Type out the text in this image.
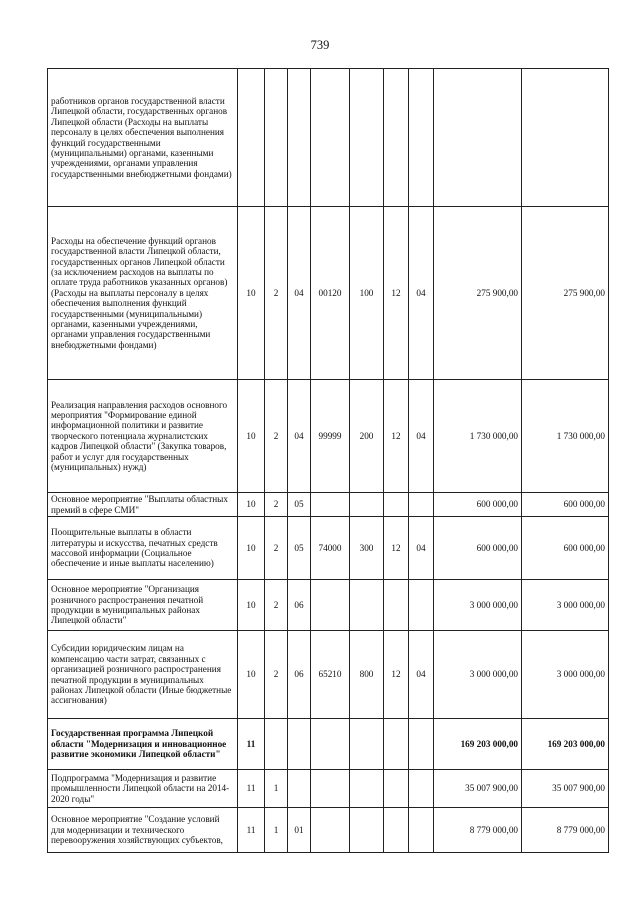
739
работников органов государственной власти Липецкой области, государственных органов Липецкой области (Расходы на выплаты персоналу в целях обеспечения выполнения функций государственными (муниципальными) органами, казенными учреждениями, органами управления государственными внебюджетными фондами)									
Расходы на обеспечение функций органов государственной власти Липецкой области, государственных органов Липецкой области (за исключением расходов на выплаты по оплате труда работников указанных органов) (Расходы на выплаты персоналу в целях обеспечения выполнения функций государственными (муниципальными) органами, казенными учреждениями, органами управления государственными внебюджетными фондами)	10	2	04	00120	100	12	04	275 900,00	275 900,00
Реализация направления расходов основного мероприятия "Формирование единой информационной политики и развитие творческого потенциала журналистских кадров Липецкой области" (Закупка товаров, работ и услуг для государственных (муниципальных) нужд)	10	2	04	99999	200	12	04	1 730 000,00	1 730 000,00
Основное мероприятие "Выплаты областных премий в сфере СМИ"	10	2	05					600 000,00	600 000,00
Поощрительные выплаты в области литературы и искусства, печатных средств массовой информации (Социальное обеспечение и иные выплаты населению)	10	2	05	74000	300	12	04	600 000,00	600 000,00
Основное мероприятие "Организация розничного распространения печатной продукции в муниципальных районах Липецкой области"	10	2	06					3 000 000,00	3 000 000,00
Субсидии юридическим лицам на компенсацию части затрат, связанных с организацией розничного распространения печатной продукции в муниципальных районах Липецкой области (Иные бюджетные ассигнования)	10	2	06	65210	800	12	04	3 000 000,00	3 000 000,00
Государственная программа Липецкой области "Модернизация и инновационное развитие экономики Липецкой области"	11							169 203 000,00	169 203 000,00
Подпрограмма "Модернизация и развитие промышленности Липецкой области на 2014-2020 годы"	11	1						35 007 900,00	35 007 900,00
Основное мероприятие "Создание условий для модернизации и технического перевооружения хозяйствующих субъектов,	11	1	01					8 779 000,00	8 779 000,00
